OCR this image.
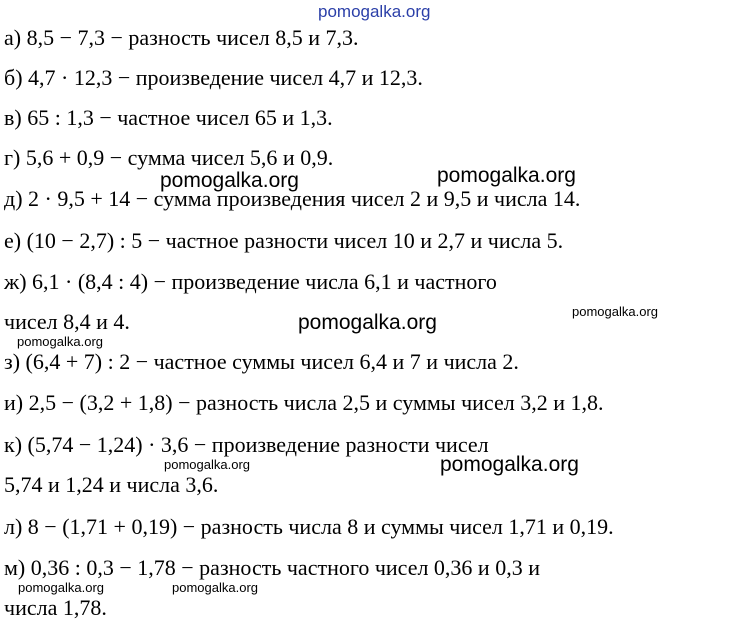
а) 8,5 − 7,3 − разность чисел 8,5 и 7,3.
б) 4,7 · 12,3 − произведение чисел 4,7 и 12,3.
в) 65 : 1,3 − частное чисел 65 и 1,3.
г) 5,6 + 0,9 − сумма чисел 5,6 и 0,9.
д) 2 · 9,5 + 14 − сумма произведения чисел 2 и 9,5 и числа 14.
е) (10 − 2,7) : 5 − частное разности чисел 10 и 2,7 и числа 5.
ж) 6,1 · (8,4 : 4) − произведение числа 6,1 и частного
чисел 8,4 и 4.
з) (6,4 + 7) : 2 − частное суммы чисел 6,4 и 7 и числа 2.
и) 2,5 − (3,2 + 1,8) − разность числа 2,5 и суммы чисел 3,2 и 1,8.
к) (5,74 − 1,24) · 3,6 − произведение разности чисел
5,74 и 1,24 и числа 3,6.
л) 8 − (1,71 + 0,19) − разность числа 8 и суммы чисел 1,71 и 0,19.
м) 0,36 : 0,3 − 1,78 − разность частного чисел 0,36 и 0,3 и
числа 1,78.
pomogalka.org
pomogalka.org	pomogalka.org
pomogalka.org	pomogalka.org
pomogalka.org
pomogalka.org	pomogalka.org
pomogalka.org	pomogalka.org
